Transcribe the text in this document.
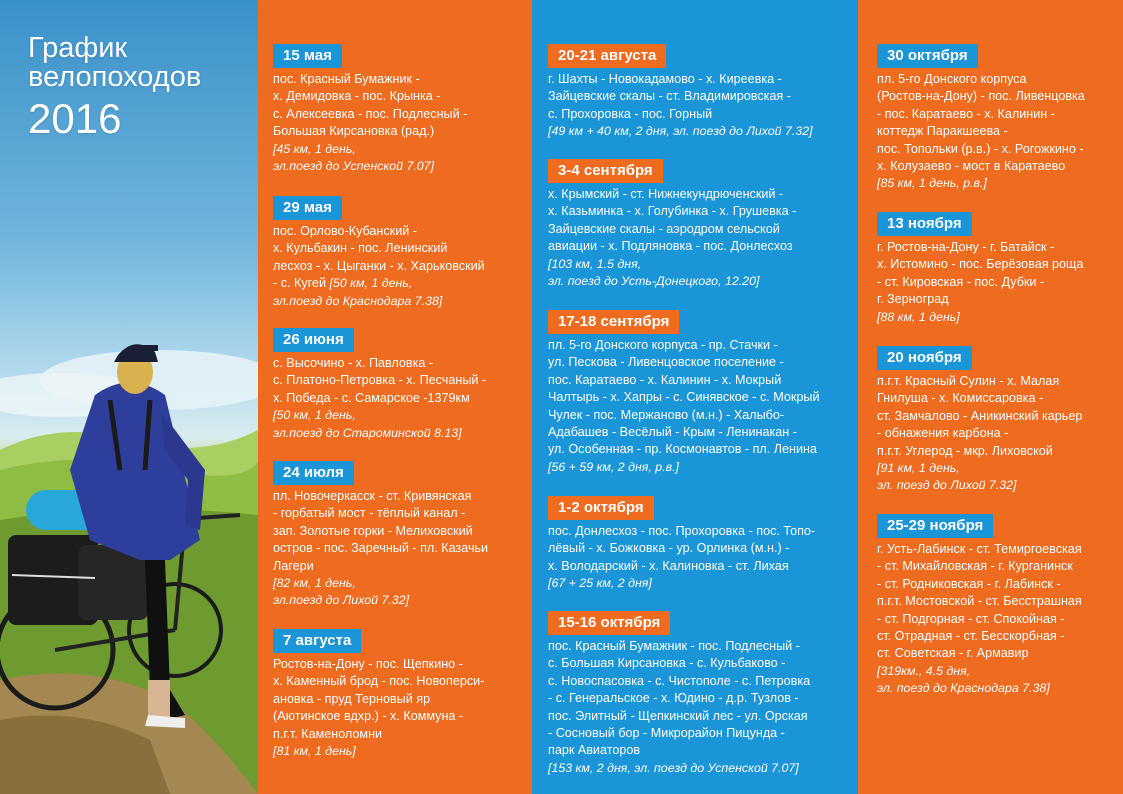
График
велопоходов
2016
15 мая
пос. Красный Бумажник -
х. Демидовка - пос. Крынка -
с. Алексеевка - пос. Подлесный -
Большая Кирсановка (рад.)
[45 км, 1 день,
эл.поезд до Успенской 7.07]
29 мая
пос. Орлово-Кубанский -
х. Кульбакин - пос. Ленинский
лесхоз - х. Цыганки - х. Харьковский
- с. Кугей [50 км, 1 день,
эл.поезд до Краснодара 7.38]
26 июня
с. Высочино - х. Павловка -
с. Платоно-Петровка - х. Песчаный -
х. Победа - с. Самарское -1379км
[50 км, 1 день,
эл.поезд до Староминской 8.13]
24 июля
пл. Новочеркасск - ст. Кривянская
- горбатый мост - тёплый канал -
зап. Золотые горки - Мелиховский
остров - пос. Заречный - пл. Казачьи
Лагери
[82 км, 1 день,
эл.поезд до Лихой 7.32]
7 августа
Ростов-на-Дону - пос. Щепкино -
х. Каменный брод - пос. Новоперси-
ановка - пруд Терновый яр
(Аютинское вдхр.) - х. Коммуна -
п.г.т. Каменоломни
[81 км, 1 день]
20-21 августа
г. Шахты - Новокадамово - х. Киреевка -
Зайцевские скалы - ст. Владимировская -
с. Прохоровка - пос. Горный
[49 км + 40 км, 2 дня, эл. поезд до Лихой 7.32]
3-4 сентября
х. Крымский - ст. Нижнекундрюченский -
х. Казьминка - х. Голубинка - х. Грушевка -
Зайцевские скалы - аэродром сельской
авиации - х. Подляновка - пос. Донлесхоз
[103 км, 1.5 дня,
эл. поезд до Усть-Донецкого, 12.20]
17-18 сентября
пл. 5-го Донского корпуса - пр. Стачки -
ул. Пескова - Ливенцовское поселение -
пос. Каратаево - х. Калинин - х. Мокрый
Чалтырь - х. Хапры - с. Синявское - с. Мокрый
Чулек - пос. Мержаново (м.н.) - Халыбо-
Адабашев - Весёлый - Крым - Ленинакан -
ул. Особенная - пр. Космонавтов - пл. Ленина
[56 + 59 км, 2 дня, р.в.]
1-2 октября
пос. Донлесхоз - пос. Прохоровка - пос. Топо-
лёвый - х. Божковка - ур. Орлинка (м.н.) -
х. Володарский - х. Калиновка - ст. Лихая
[67 + 25 км, 2 дня]
15-16 октября
пос. Красный Бумажник - пос. Подлесный -
с. Большая Кирсановка - с. Кульбаково -
с. Новоспасовка - с. Чистополе - с. Петровка
- с. Генеральское - х. Юдино - д.р. Тузлов -
пос. Элитный - Щепкинский лес - ул. Орская
- Сосновый бор - Микрорайон Пицунда -
парк Авиаторов
[153 км, 2 дня, эл. поезд до Успенской 7.07]
30 октября
пл. 5-го Донского корпуса
(Ростов-на-Дону) - пос. Ливенцовка
- пос. Каратаево - х. Калинин -
коттедж Паракшеева -
пос. Топольки (р.в.) - х. Рогожкино -
х. Колузаево - мост в Каратаево
[85 км, 1 день, р.в.]
13 ноября
г. Ростов-на-Дону - г. Батайск -
х. Истомино - пос. Берёзовая роща
- ст. Кировская - пос. Дубки -
г. Зерноград
[88 км, 1 день]
20 ноября
п.г.т. Красный Сулин - х. Малая
Гнилуша - х. Комиссаровка -
ст. Замчалово - Аникинский карьер
- обнажения карбона -
п.г.т. Углерод - мкр. Лиховской
[91 км, 1 день,
эл. поезд до Лихой 7.32]
25-29 ноября
г. Усть-Лабинск - ст. Темиргоевская
- ст. Михайловская - г. Курганинск
- ст. Родниковская - г. Лабинск -
п.г.т. Мостовской - ст. Бесстрашная
- ст. Подгорная - ст. Спокойная -
ст. Отрадная - ст. Бесскорбная -
ст. Советская - г. Армавир
[319км., 4.5 дня,
эл. поезд до Краснодара 7.38]
